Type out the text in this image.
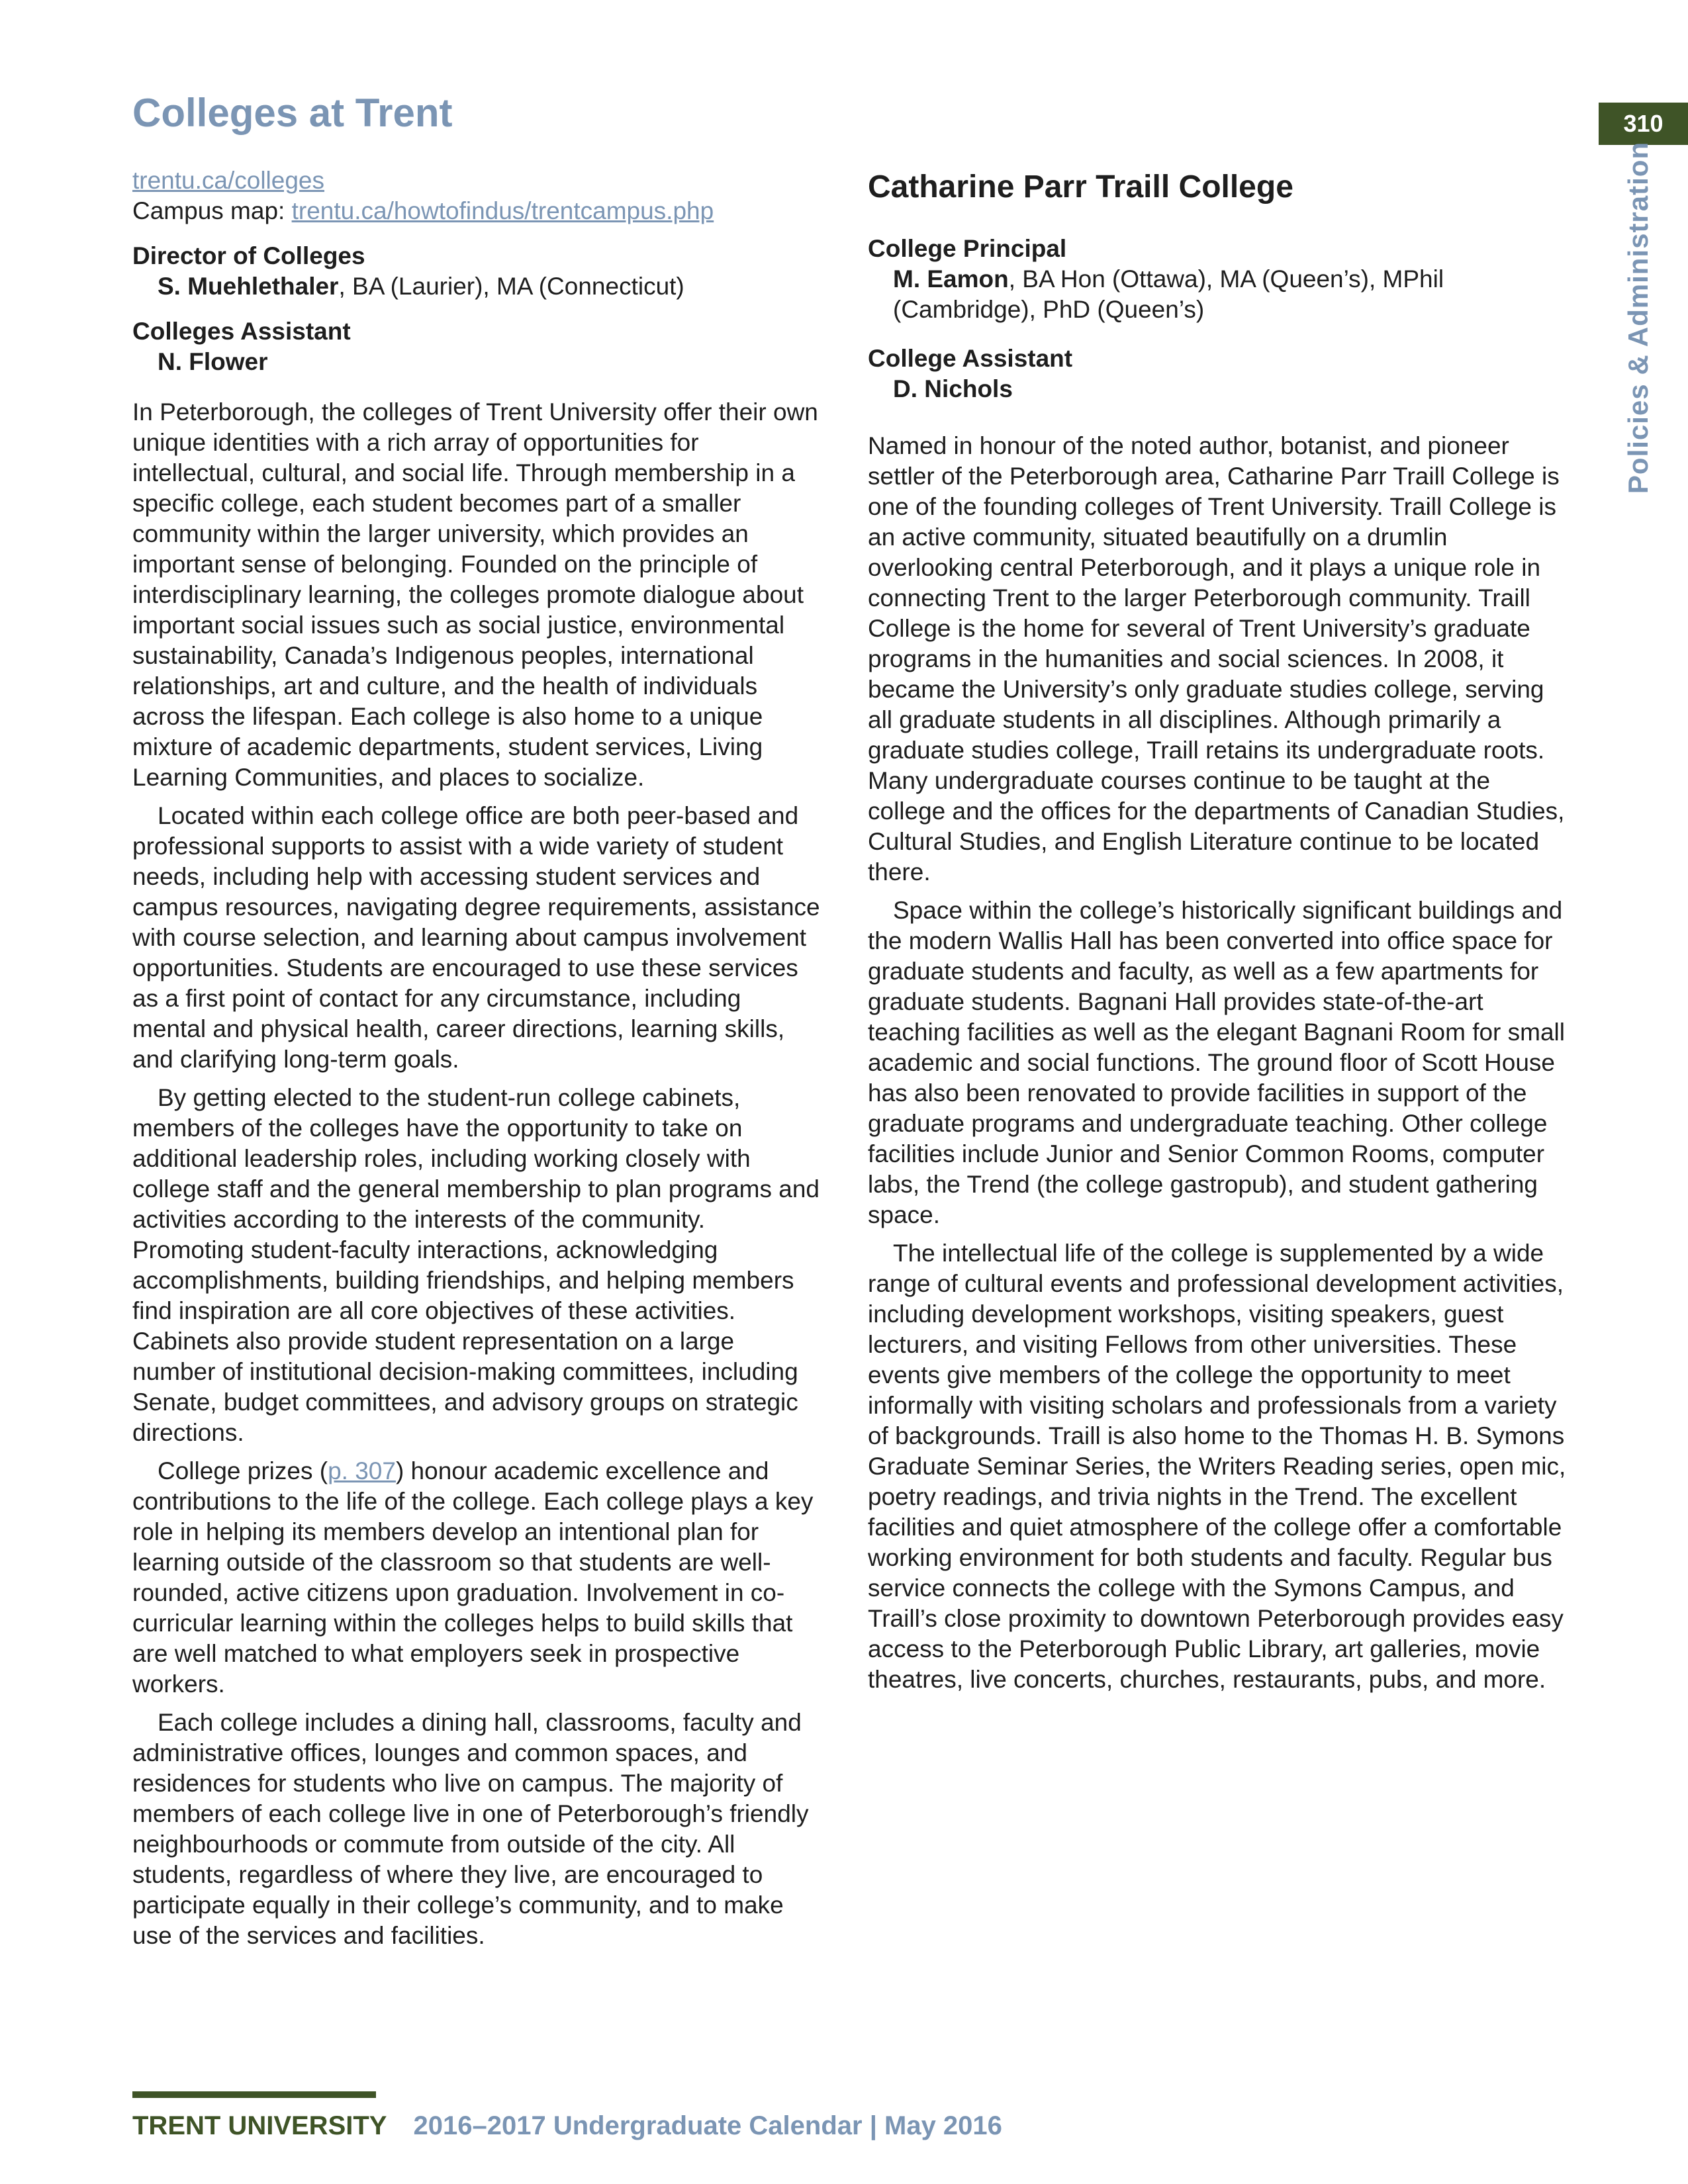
Colleges at Trent	310
Policies & Administration
trentu.ca/colleges
Campus map: trentu.ca/howtofindus/trentcampus.php
Director of Colleges
S. Muehlethaler, BA (Laurier), MA (Connecticut)
Colleges Assistant
N. Flower

In Peterborough, the colleges of Trent University offer their own unique identities with a rich array of opportunities for intellectual, cultural, and social life. Through membership in a specific college, each student becomes part of a smaller community within the larger university, which provides an important sense of belonging. Founded on the principle of interdisciplinary learning, the colleges promote dialogue about important social issues such as social justice, environmental sustainability, Canada’s Indigenous peoples, international relationships, art and culture, and the health of individuals across the lifespan. Each college is also home to a unique mixture of academic departments, student services, Living Learning Communities, and places to socialize.

Located within each college office are both peer-based and professional supports to assist with a wide variety of student needs, including help with accessing student services and campus resources, navigating degree requirements, assistance with course selection, and learning about campus involvement opportunities. Students are encouraged to use these services as a first point of contact for any circumstance, including mental and physical health, career directions, learning skills, and clarifying long-term goals.

By getting elected to the student-run college cabinets, members of the colleges have the opportunity to take on additional leadership roles, including working closely with college staff and the general membership to plan programs and activities according to the interests of the community. Promoting student-faculty interactions, acknowledging accomplishments, building friendships, and helping members find inspiration are all core objectives of these activities. Cabinets also provide student representation on a large number of institutional decision-making committees, including Senate, budget committees, and advisory groups on strategic directions.

College prizes (p. 307) honour academic excellence and contributions to the life of the college. Each college plays a key role in helping its members develop an intentional plan for learning outside of the classroom so that students are well-rounded, active citizens upon graduation. Involvement in co-curricular learning within the colleges helps to build skills that are well matched to what employers seek in prospective workers.

Each college includes a dining hall, classrooms, faculty and administrative offices, lounges and common spaces, and residences for students who live on campus. The majority of members of each college live in one of Peterborough’s friendly neighbourhoods or commute from outside of the city. All students, regardless of where they live, are encouraged to participate equally in their college’s community, and to make use of the services and facilities.

Catharine Parr Traill College
College Principal
M. Eamon, BA Hon (Ottawa), MA (Queen’s), MPhil (Cambridge), PhD (Queen’s)
College Assistant
D. Nichols

Named in honour of the noted author, botanist, and pioneer settler of the Peterborough area, Catharine Parr Traill College is one of the founding colleges of Trent University. Traill College is an active community, situated beautifully on a drumlin overlooking central Peterborough, and it plays a unique role in connecting Trent to the larger Peterborough community. Traill College is the home for several of Trent University’s graduate programs in the humanities and social sciences. In 2008, it became the University’s only graduate studies college, serving all graduate students in all disciplines. Although primarily a graduate studies college, Traill retains its undergraduate roots. Many undergraduate courses continue to be taught at the college and the offices for the departments of Canadian Studies, Cultural Studies, and English Literature continue to be located there.

Space within the college’s historically significant buildings and the modern Wallis Hall has been converted into office space for graduate students and faculty, as well as a few apartments for graduate students. Bagnani Hall provides state-of-the-art teaching facilities as well as the elegant Bagnani Room for small academic and social functions. The ground floor of Scott House has also been renovated to provide facilities in support of the graduate programs and undergraduate teaching. Other college facilities include Junior and Senior Common Rooms, computer labs, the Trend (the college gastropub), and student gathering space.

The intellectual life of the college is supplemented by a wide range of cultural events and professional development activities, including development workshops, visiting speakers, guest lecturers, and visiting Fellows from other universities. These events give members of the college the opportunity to meet informally with visiting scholars and professionals from a variety of backgrounds. Traill is also home to the Thomas H. B. Symons Graduate Seminar Series, the Writers Reading series, open mic, poetry readings, and trivia nights in the Trend. The excellent facilities and quiet atmosphere of the college offer a comfortable working environment for both students and faculty. Regular bus service connects the college with the Symons Campus, and Traill’s close proximity to downtown Peterborough provides easy access to the Peterborough Public Library, art galleries, movie theatres, live concerts, churches, restaurants, pubs, and more.

TRENT UNIVERSITY 2016–2017 Undergraduate Calendar | May 2016
